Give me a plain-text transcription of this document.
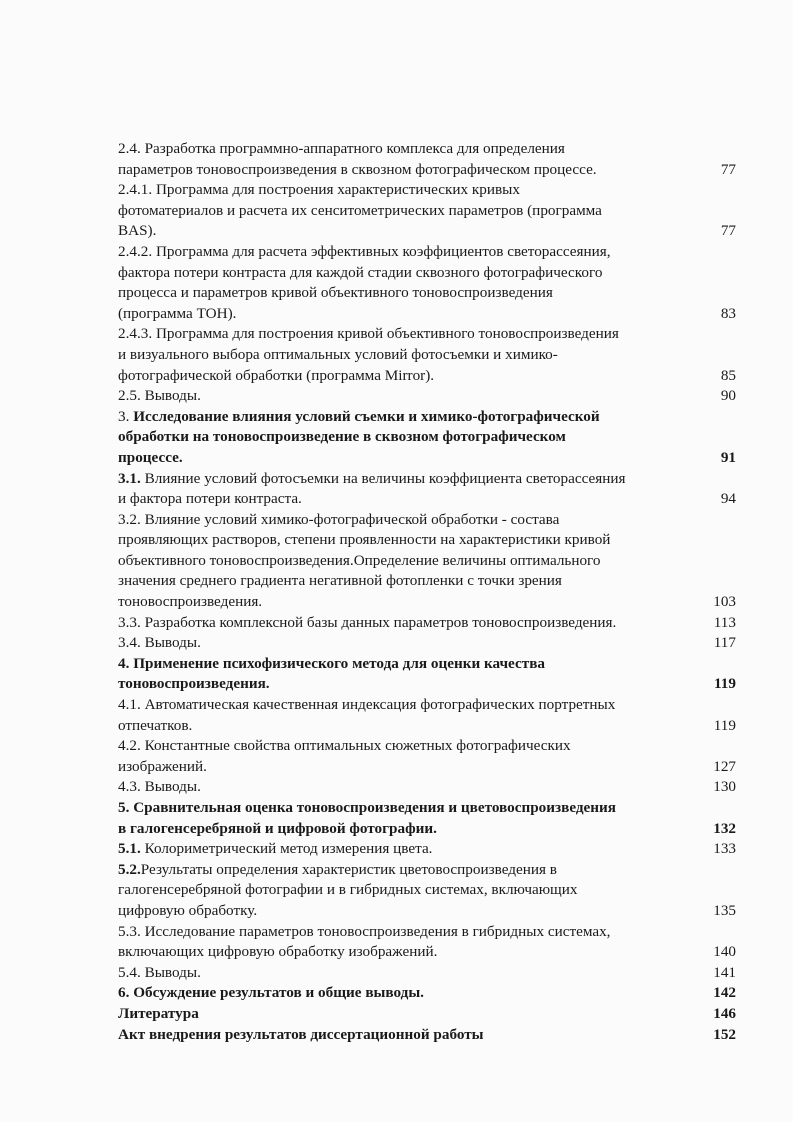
2.4. Разработка программно-аппаратного комплекса для определения
параметров тоновоспроизведения в сквозном фотографическом процессе.	77
2.4.1. Программа для построения характеристических кривых
фотоматериалов и расчета их сенситометрических параметров (программа
BAS).	77
2.4.2. Программа для расчета эффективных коэффициентов светорассеяния,
фактора потери контраста для каждой стадии сквозного фотографического
процесса и параметров кривой объективного тоновоспроизведения
(программа ТОН).	83
2.4.3. Программа для построения кривой объективного тоновоспроизведения
и визуального выбора оптимальных условий фотосъемки и химико-
фотографической обработки (программа Mirror).	85
2.5. Выводы.	90
3. Исследование влияния условий съемки и химико-фотографической
обработки на тоновоспроизведение в сквозном фотографическом
процессе.	91
3.1. Влияние условий фотосъемки на величины коэффициента светорассеяния
и фактора потери контраста.	94
3.2. Влияние условий химико-фотографической обработки - состава
проявляющих растворов, степени проявленности на характеристики кривой
объективного тоновоспроизведения.Определение величины оптимального
значения среднего градиента негативной фотопленки с точки зрения
тоновоспроизведения.	103
3.3. Разработка комплексной базы данных параметров тоновоспроизведения.	113
3.4. Выводы.	117
4. Применение психофизического метода для оценки качества
тоновоспроизведения.	119
4.1. Автоматическая качественная индексация фотографических портретных
отпечатков.	119
4.2. Константные свойства оптимальных сюжетных фотографических
изображений.	127
4.3. Выводы.	130
5. Сравнительная оценка тоновоспроизведения и цветовоспроизведения
в галогенсеребряной и цифровой фотографии.	132
5.1. Колориметрический метод измерения цвета.	133
5.2.Результаты определения характеристик цветовоспроизведения в
галогенсеребряной фотографии и в гибридных системах, включающих
цифровую обработку.	135
5.3. Исследование параметров тоновоспроизведения в гибридных системах,
включающих цифровую обработку изображений.	140
5.4. Выводы.	141
6. Обсуждение результатов и общие выводы.	142
Литература	146
Акт внедрения результатов диссертационной работы	152
